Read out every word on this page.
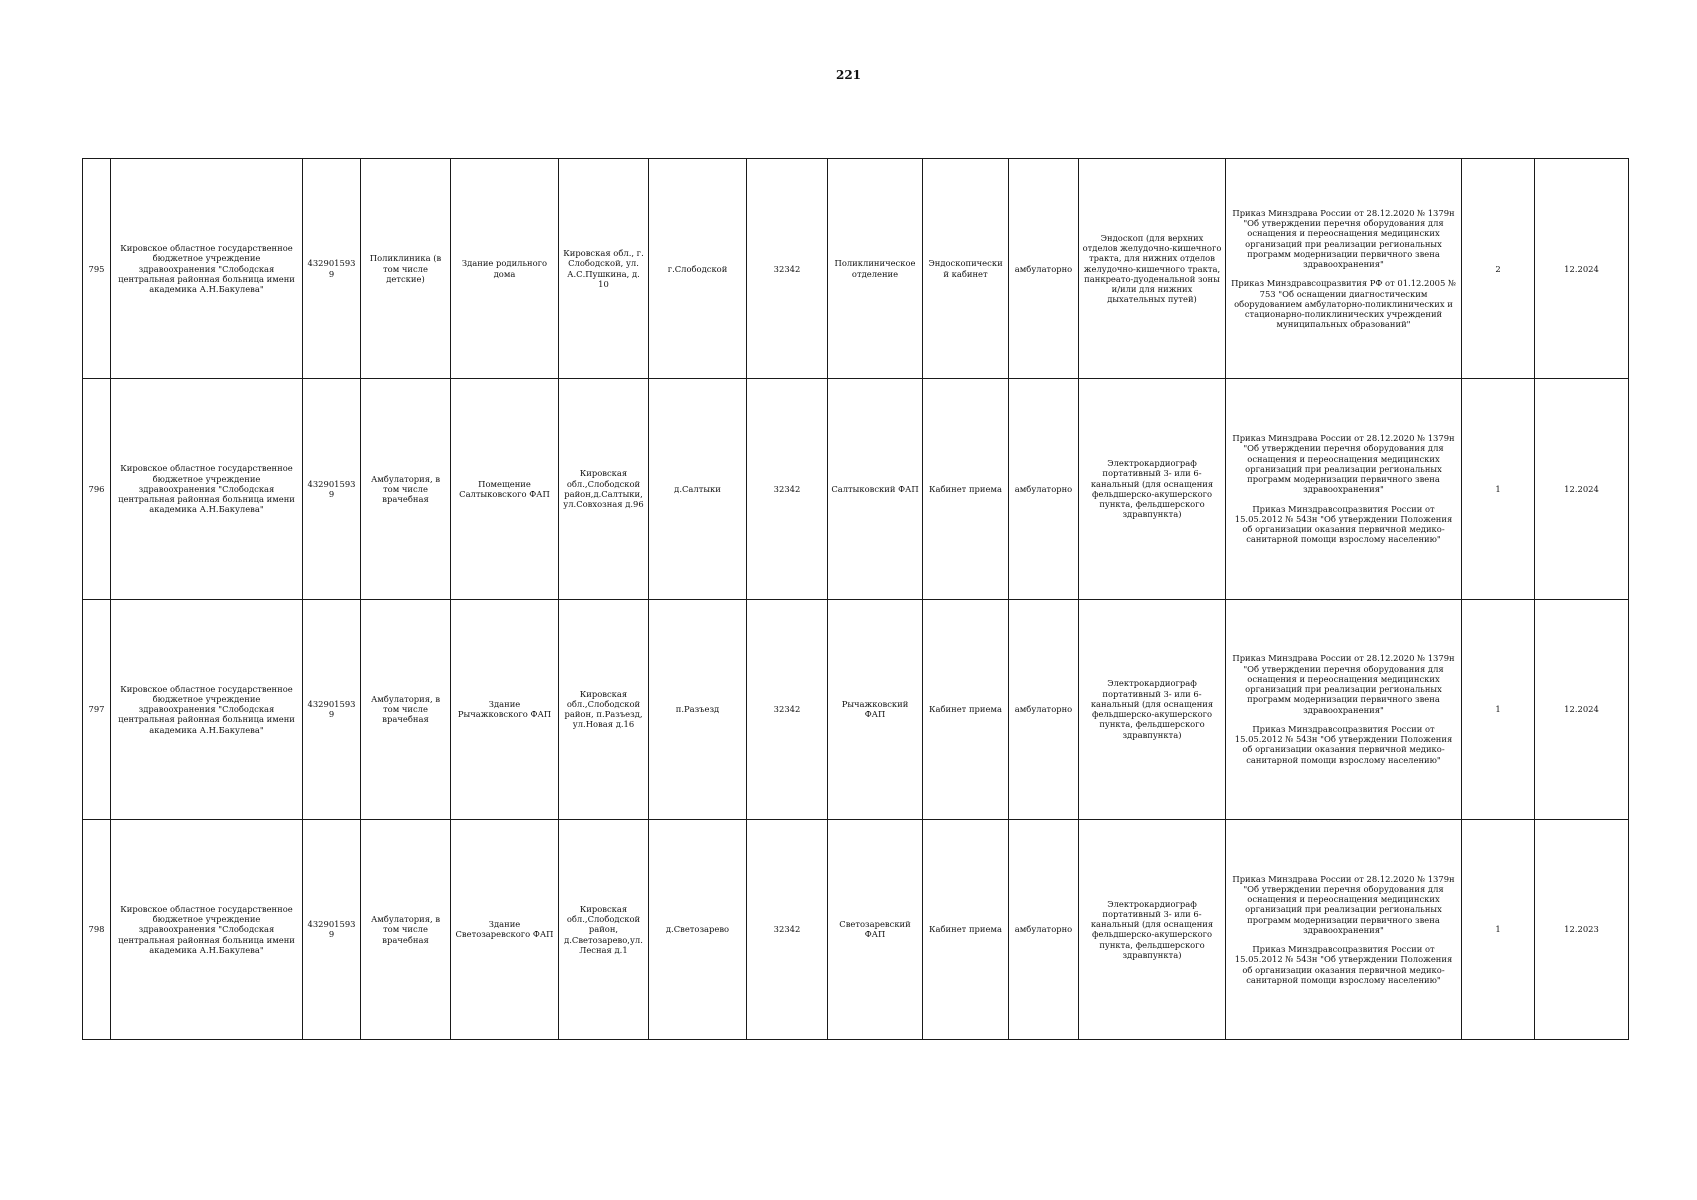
221
795	Кировское областное государственное бюджетное учреждение здравоохранения "Слободская центральная районная больница имени академика А.Н.Бакулева"	4329015939	Поликлиника (в том числе детские)	Здание родильного дома	Кировская обл., г. Слободской, ул. А.С.Пушкина, д. 10	г.Слободской	32342	Поликлиническое отделение	Эндоскопический кабинет	амбулаторно	Эндоскоп (для верхних отделов желудочно-кишечного тракта, для нижних отделов желудочно-кишечного тракта, панкреато-дуоденальной зоны и/или для нижних дыхательных путей)	Приказ Минздрава России от 28.12.2020 № 1379н "Об утверждении перечня оборудования для оснащения и переоснащения медицинских организаций при реализации региональных программ модернизации первичного звена здравоохранения"
Приказ Минздравсоцразвития РФ от 01.12.2005 № 753 "Об оснащении диагностическим оборудованием амбулаторно-поликлинических и стационарно-поликлинических учреждений муниципальных образований"	2	12.2024
796	Кировское областное государственное бюджетное учреждение здравоохранения "Слободская центральная районная больница имени академика А.Н.Бакулева"	4329015939	Амбулатория, в том числе врачебная	Помещение Салтыковского ФАП	Кировская обл.,Слободской район,д.Салтыки,ул.Совхозная д.96	д.Салтыки	32342	Салтыковский ФАП	Кабинет приема	амбулаторно	Электрокардиограф портативный 3- или 6-канальный (для оснащения фельдшерско-акушерского пункта, фельдшерского здравпункта)	Приказ Минздрава России от 28.12.2020 № 1379н "Об утверждении перечня оборудования для оснащения и переоснащения медицинских организаций при реализации региональных программ модернизации первичного звена здравоохранения"
Приказ Минздравсоцразвития России от 15.05.2012 № 543н "Об утверждении Положения об организации оказания первичной медико-санитарной помощи взрослому населению"	1	12.2024
797	Кировское областное государственное бюджетное учреждение здравоохранения "Слободская центральная районная больница имени академика А.Н.Бакулева"	4329015939	Амбулатория, в том числе врачебная	Здание Рычажковского ФАП	Кировская обл.,Слободской район, п.Разъезд, ул.Новая д.16	п.Разъезд	32342	Рычажковский ФАП	Кабинет приема	амбулаторно	Электрокардиограф портативный 3- или 6-канальный (для оснащения фельдшерско-акушерского пункта, фельдшерского здравпункта)	Приказ Минздрава России от 28.12.2020 № 1379н "Об утверждении перечня оборудования для оснащения и переоснащения медицинских организаций при реализации региональных программ модернизации первичного звена здравоохранения"
Приказ Минздравсоцразвития России от 15.05.2012 № 543н "Об утверждении Положения об организации оказания первичной медико-санитарной помощи взрослому населению"	1	12.2024
798	Кировское областное государственное бюджетное учреждение здравоохранения "Слободская центральная районная больница имени академика А.Н.Бакулева"	4329015939	Амбулатория, в том числе врачебная	Здание Светозаревского ФАП	Кировская обл.,Слободской район, д.Светозарево,ул.Лесная д.1	д.Светозарево	32342	Светозаревский ФАП	Кабинет приема	амбулаторно	Электрокардиограф портативный 3- или 6-канальный (для оснащения фельдшерско-акушерского пункта, фельдшерского здравпункта)	Приказ Минздрава России от 28.12.2020 № 1379н "Об утверждении перечня оборудования для оснащения и переоснащения медицинских организаций при реализации региональных программ модернизации первичного звена здравоохранения"
Приказ Минздравсоцразвития России от 15.05.2012 № 543н "Об утверждении Положения об организации оказания первичной медико-санитарной помощи взрослому населению"	1	12.2023
